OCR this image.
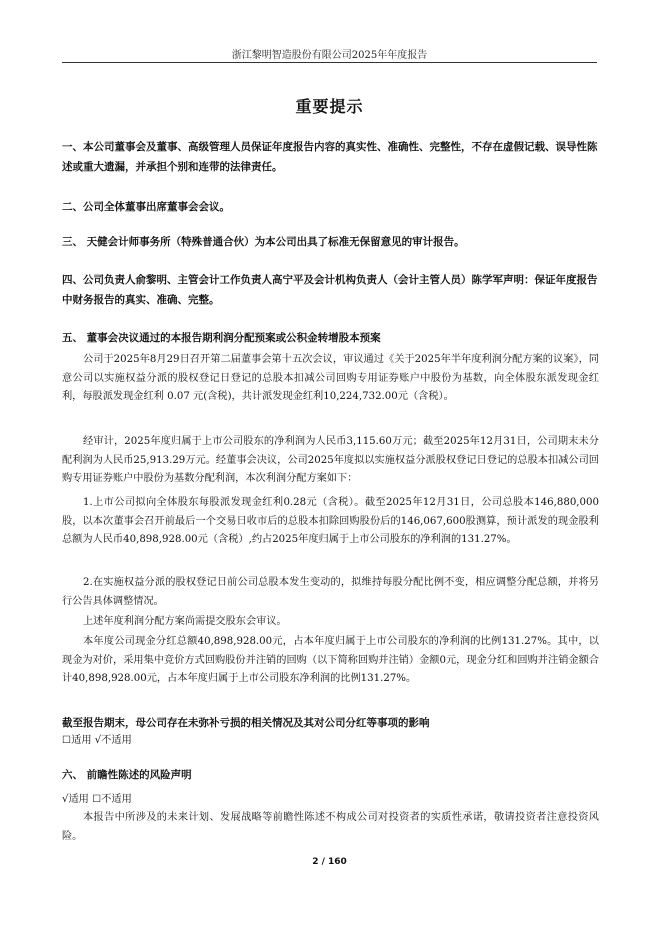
浙江黎明智造股份有限公司2025年年度报告
重要提示
一、本公司董事会及董事、高级管理人员保证年度报告内容的真实性、准确性、完整性，不存在虚假记载、误导性陈述或重大遗漏，并承担个别和连带的法律责任。
二、公司全体董事出席董事会会议。
三、 天健会计师事务所（特殊普通合伙）为本公司出具了标准无保留意见的审计报告。
四、公司负责人俞黎明、主管会计工作负责人高宁平及会计机构负责人（会计主管人员）陈学军声明：保证年度报告中财务报告的真实、准确、完整。
五、 董事会决议通过的本报告期利润分配预案或公积金转增股本预案
公司于2025年8月29日召开第二届董事会第十五次会议，审议通过《关于2025年半年度利润分配方案的议案》，同意公司以实施权益分派的股权登记日登记的总股本扣减公司回购专用证券账户中股份为基数，向全体股东派发现金红利，每股派发现金红利 0.07 元(含税)，共计派发现金红利10,224,732.00元（含税）。
经审计，2025年度归属于上市公司股东的净利润为人民币3,115.60万元；截至2025年12月31日，公司期末未分配利润为人民币25,913.29万元。经董事会决议，公司2025年度拟以实施权益分派股权登记日登记的总股本扣减公司回购专用证券账户中股份为基数分配利润，本次利润分配方案如下：
1.上市公司拟向全体股东每股派发现金红利0.28元（含税）。截至2025年12月31日，公司总股本146,880,000股，以本次董事会召开前最后一个交易日收市后的总股本扣除回购股份后的146,067,600股测算，预计派发的现金股利总额为人民币40,898,928.00元（含税）,约占2025年度归属于上市公司股东的净利润的131.27%。
2.在实施权益分派的股权登记日前公司总股本发生变动的，拟维持每股分配比例不变，相应调整分配总额，并将另行公告具体调整情况。
上述年度利润分配方案尚需提交股东会审议。
本年度公司现金分红总额40,898,928.00元，占本年度归属于上市公司股东的净利润的比例131.27%。其中，以现金为对价，采用集中竞价方式回购股份并注销的回购（以下简称回购并注销）金额0元，现金分红和回购并注销金额合计40,898,928.00元，占本年度归属于上市公司股东净利润的比例131.27%。
截至报告期末，母公司存在未弥补亏损的相关情况及其对公司分红等事项的影响
☐适用 √不适用
六、 前瞻性陈述的风险声明
√适用 ☐不适用
本报告中所涉及的未来计划、发展战略等前瞻性陈述不构成公司对投资者的实质性承诺，敬请投资者注意投资风险。
2 / 160
